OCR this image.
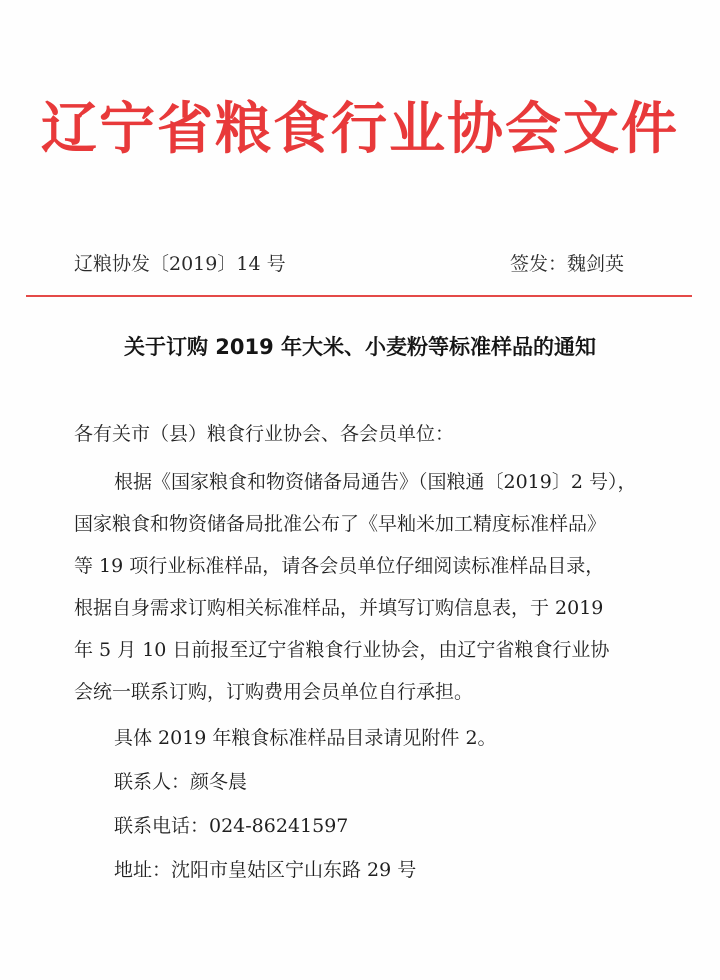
辽宁省粮食行业协会文件
辽粮协发〔2019〕14 号	签发：魏剑英
关于订购 2019 年大米、小麦粉等标准样品的通知
各有关市（县）粮食行业协会、各会员单位：
根据《国家粮食和物资储备局通告》（国粮通〔2019〕2 号），
国家粮食和物资储备局批准公布了《早籼米加工精度标准样品》
等 19 项行业标准样品，请各会员单位仔细阅读标准样品目录，
根据自身需求订购相关标准样品，并填写订购信息表，于 2019
年 5 月 10 日前报至辽宁省粮食行业协会，由辽宁省粮食行业协
会统一联系订购，订购费用会员单位自行承担。
具体 2019 年粮食标准样品目录请见附件 2。
联系人：颜冬晨
联系电话：024-86241597
地址：沈阳市皇姑区宁山东路 29 号
